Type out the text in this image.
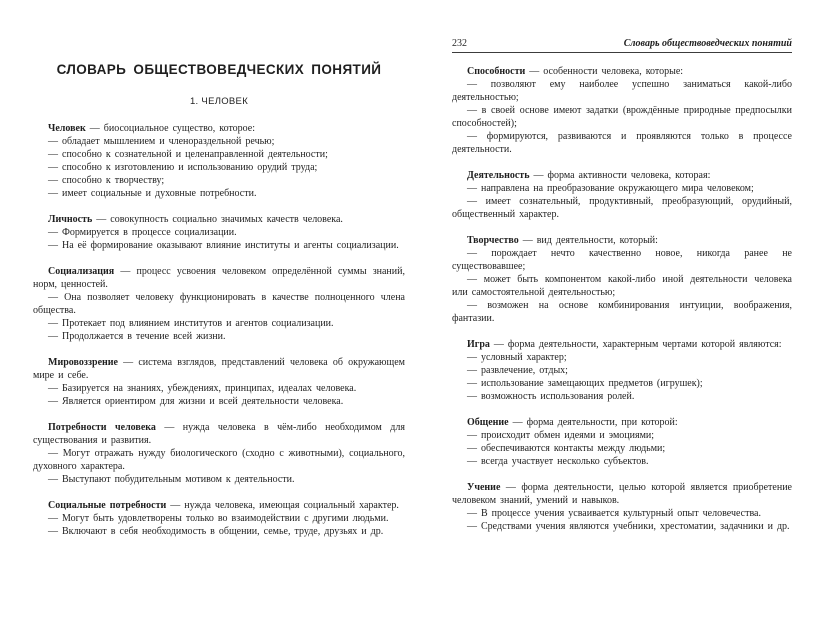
СЛОВАРЬ ОБЩЕСТВОВЕДЧЕСКИХ ПОНЯТИЙ
1. ЧЕЛОВЕК

Человек — биосоциальное существо, которое:

— обладает мышлением и членораздельной речью;

— способно к сознательной и целенаправленной деятельности;

— способно к изготовлению и использованию орудий труда;

— способно к творчеству;

— имеет социальные и духовные потребности.

Личность — совокупность социально значимых качеств человека.

— Формируется в процессе социализации.

— На её формирование оказывают влияние институты и агенты социализации.

Социализация — процесс усвоения человеком определённой суммы знаний, норм, ценностей.

— Она позволяет человеку функционировать в качестве полноценного члена общества.

— Протекает под влиянием институтов и агентов социализации.

— Продолжается в течение всей жизни.

Мировоззрение — система взглядов, представлений человека об окружающем мире и себе.

— Базируется на знаниях, убеждениях, принципах, идеалах человека.

— Является ориентиром для жизни и всей деятельности человека.

Потребности человека — нужда человека в чём-либо необходимом для существования и развития.

— Могут отражать нужду биологического (сходно с животными), социального, духовного характера.

— Выступают побудительным мотивом к деятельности.

Социальные потребности — нужда человека, имеющая социальный характер.

— Могут быть удовлетворены только во взаимодействии с другими людьми.

— Включают в себя необходимость в общении, семье, труде, друзьях и др.

232	Словарь обществоведческих понятий

Способности — особенности человека, которые:

— позволяют ему наиболее успешно заниматься какой-либо деятельностью;

— в своей основе имеют задатки (врождённые природные предпосылки способностей);

— формируются, развиваются и проявляются только в процессе деятельности.

Деятельность — форма активности человека, которая:

— направлена на преобразование окружающего мира человеком;

— имеет сознательный, продуктивный, преобразующий, орудийный, общественный характер.

Творчество — вид деятельности, который:

— порождает нечто качественно новое, никогда ранее не существовавшее;

— может быть компонентом какой-либо иной деятельности человека или самостоятельной деятельностью;

— возможен на основе комбинирования интуиции, воображения, фантазии.

Игра — форма деятельности, характерным чертами которой являются:

— условный характер;

— развлечение, отдых;

— использование замещающих предметов (игрушек);

— возможность использования ролей.

Общение — форма деятельности, при которой:

— происходит обмен идеями и эмоциями;

— обеспечиваются контакты между людьми;

— всегда участвует несколько субъектов.

Учение — форма деятельности, целью которой является приобретение человеком знаний, умений и навыков.

— В процессе учения усваивается культурный опыт человечества.

— Средствами учения являются учебники, хрестоматии, задачники и др.
